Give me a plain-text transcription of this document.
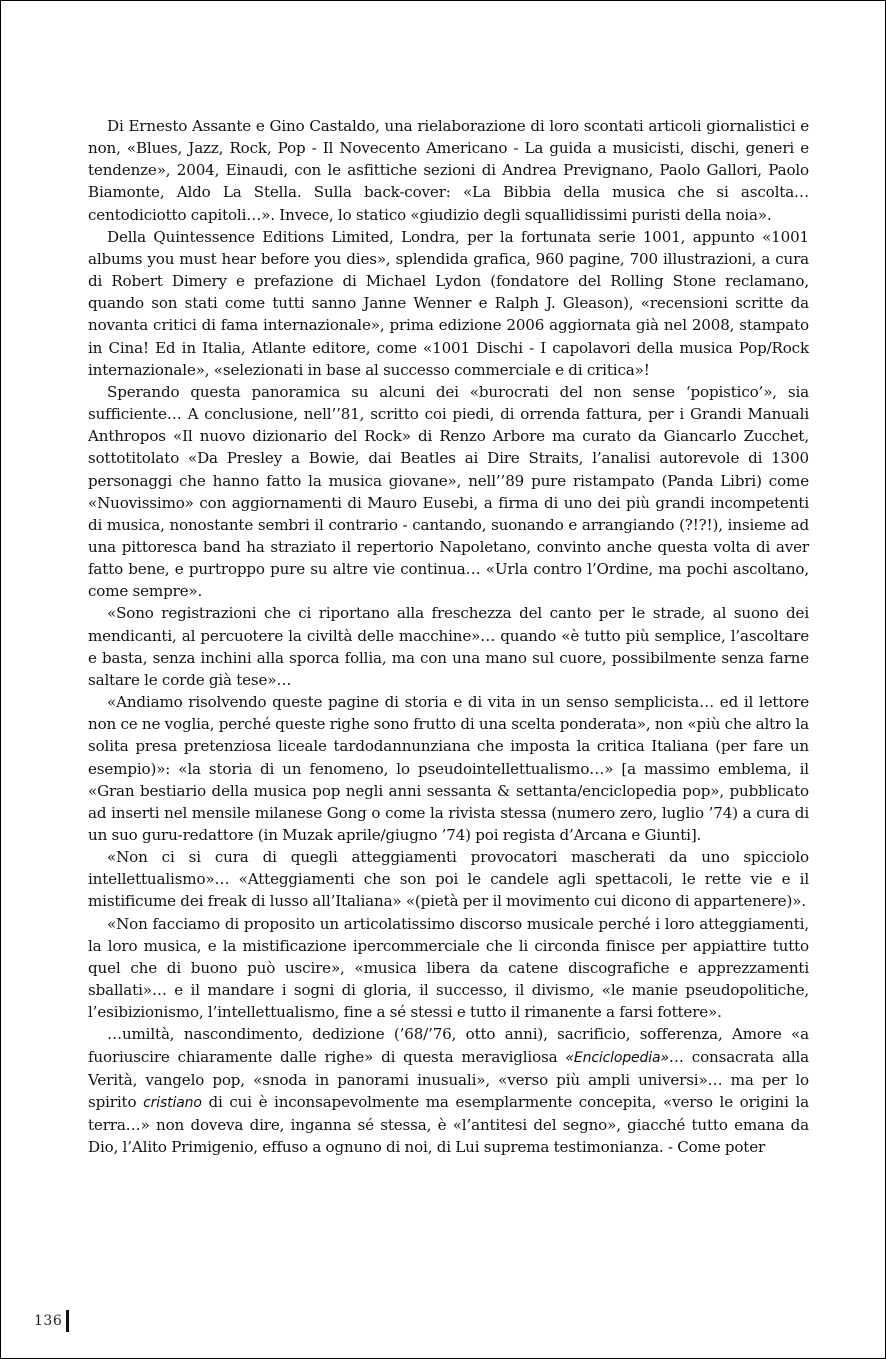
Di Ernesto Assante e Gino Castaldo, una rielaborazione di loro scontati articoli giornalistici e non, «Blues, Jazz, Rock, Pop - Il Novecento Americano - La guida a musicisti, dischi, generi e tendenze», 2004, Einaudi, con le asfittiche sezioni di Andrea Prevignano, Paolo Gallori, Paolo Biamonte, Aldo La Stella. Sulla back-cover: «La Bibbia della musica che si ascolta… centodiciotto capitoli…». Invece, lo statico «giudizio degli squallidissimi puristi della noia».

Della Quintessence Editions Limited, Londra, per la fortunata serie 1001, appunto «1001 albums you must hear before you dies», splendida grafica, 960 pagine, 700 illustrazioni, a cura di Robert Dimery e prefazione di Michael Lydon (fondatore del Rolling Stone reclamano, quando son stati come tutti sanno Janne Wenner e Ralph J. Gleason), «recensioni scritte da novanta critici di fama internazionale», prima edizione 2006 aggiornata già nel 2008, stampato in Cina! Ed in Italia, Atlante editore, come «1001 Dischi - I capolavori della musica Pop/Rock internazionale», «selezionati in base al successo commerciale e di critica»!

Sperando questa panoramica su alcuni dei «burocrati del non sense ‘popistico’», sia sufficiente… A conclusione, nell’’81, scritto coi piedi, di orrenda fattura, per i Grandi Manuali Anthropos «Il nuovo dizionario del Rock» di Renzo Arbore ma curato da Giancarlo Zucchet, sottotitolato «Da Presley a Bowie, dai Beatles ai Dire Straits, l’analisi autorevole di 1300 personaggi che hanno fatto la musica giovane», nell’’89 pure ristampato (Panda Libri) come «Nuovissimo» con aggiornamenti di Mauro Eusebi, a firma di uno dei più grandi incompetenti di musica, nonostante sembri il contrario - cantando, suonando e arrangiando (?!?!), insieme ad una pittoresca band ha straziato il repertorio Napoletano, convinto anche questa volta di aver fatto bene, e purtroppo pure su altre vie continua… «Urla contro l’Ordine, ma pochi ascoltano, come sempre».

«Sono registrazioni che ci riportano alla freschezza del canto per le strade, al suono dei mendicanti, al percuotere la civiltà delle macchine»… quando «è tutto più semplice, l’ascoltare e basta, senza inchini alla sporca follia, ma con una mano sul cuore, possibilmente senza farne saltare le corde già tese»…

«Andiamo risolvendo queste pagine di storia e di vita in un senso semplicista… ed il lettore non ce ne voglia, perché queste righe sono frutto di una scelta ponderata», non «più che altro la solita presa pretenziosa liceale tardodannunziana che imposta la critica Italiana (per fare un esempio)»: «la storia di un fenomeno, lo pseudointellettualismo…» [a massimo emblema, il «Gran bestiario della musica pop negli anni sessanta & settanta/enciclopedia pop», pubblicato ad inserti nel mensile milanese Gong o come la rivista stessa (numero zero, luglio ’74) a cura di un suo guru-redattore (in Muzak aprile/giugno ’74) poi regista d’Arcana e Giunti].

«Non ci si cura di quegli atteggiamenti provocatori mascherati da uno spicciolo intellettualismo»… «Atteggiamenti che son poi le candele agli spettacoli, le rette vie e il mistificume dei freak di lusso all’Italiana» «(pietà per il movimento cui dicono di appartenere)».

«Non facciamo di proposito un articolatissimo discorso musicale perché i loro atteggiamenti, la loro musica, e la mistificazione ipercommerciale che li circonda finisce per appiattire tutto quel che di buono può uscire», «musica libera da catene discografiche e apprezzamenti sballati»… e il mandare i sogni di gloria, il successo, il divismo, «le manie pseudopolitiche, l’esibizionismo, l’intellettualismo, fine a sé stessi e tutto il rimanente a farsi fottere».

…umiltà, nascondimento, dedizione (’68/’76, otto anni), sacrificio, sofferenza, Amore «a fuoriuscire chiaramente dalle righe» di questa meravigliosa «Enciclopedia»… consacrata alla Verità, vangelo pop, «snoda in panorami inusuali», «verso più ampli universi»… ma per lo spirito cristiano di cui è inconsapevolmente ma esemplarmente concepita, «verso le origini la terra…» non doveva dire, inganna sé stessa, è «l’antitesi del segno», giacché tutto emana da Dio, l’Alito Primigenio, effuso a ognuno di noi, di Lui suprema testimonianza. - Come poter

136
